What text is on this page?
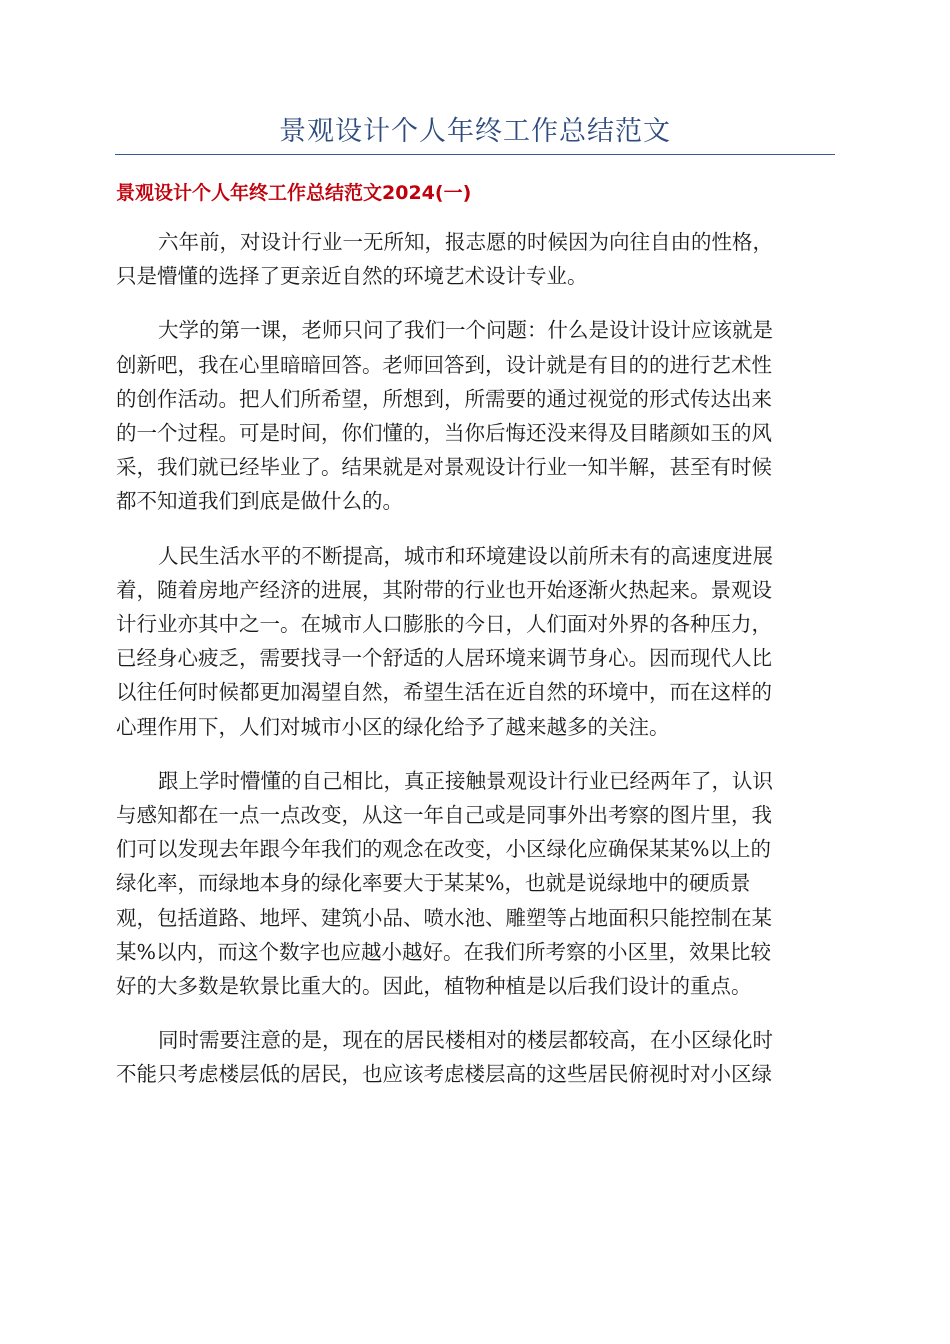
景观设计个人年终工作总结范文
景观设计个人年终工作总结范文2024(一)

六年前，对设计行业一无所知，报志愿的时候因为向往自由的性格，
只是懵懂的选择了更亲近自然的环境艺术设计专业。

大学的第一课，老师只问了我们一个问题：什么是设计设计应该就是
创新吧，我在心里暗暗回答。老师回答到，设计就是有目的的进行艺术性
的创作活动。把人们所希望，所想到，所需要的通过视觉的形式传达出来
的一个过程。可是时间，你们懂的，当你后悔还没来得及目睹颜如玉的风
采，我们就已经毕业了。结果就是对景观设计行业一知半解，甚至有时候
都不知道我们到底是做什么的。

人民生活水平的不断提高，城市和环境建设以前所未有的高速度进展
着，随着房地产经济的进展，其附带的行业也开始逐渐火热起来。景观设
计行业亦其中之一。在城市人口膨胀的今日，人们面对外界的各种压力，
已经身心疲乏，需要找寻一个舒适的人居环境来调节身心。因而现代人比
以往任何时候都更加渴望自然，希望生活在近自然的环境中，而在这样的
心理作用下，人们对城市小区的绿化给予了越来越多的关注。

跟上学时懵懂的自己相比，真正接触景观设计行业已经两年了，认识
与感知都在一点一点改变，从这一年自己或是同事外出考察的图片里，我
们可以发现去年跟今年我们的观念在改变，小区绿化应确保某某%以上的
绿化率，而绿地本身的绿化率要大于某某%，也就是说绿地中的硬质景
观，包括道路、地坪、建筑小品、喷水池、雕塑等占地面积只能控制在某
某%以内，而这个数字也应越小越好。在我们所考察的小区里，效果比较
好的大多数是软景比重大的。因此，植物种植是以后我们设计的重点。

同时需要注意的是，现在的居民楼相对的楼层都较高，在小区绿化时
不能只考虑楼层低的居民，也应该考虑楼层高的这些居民俯视时对小区绿
